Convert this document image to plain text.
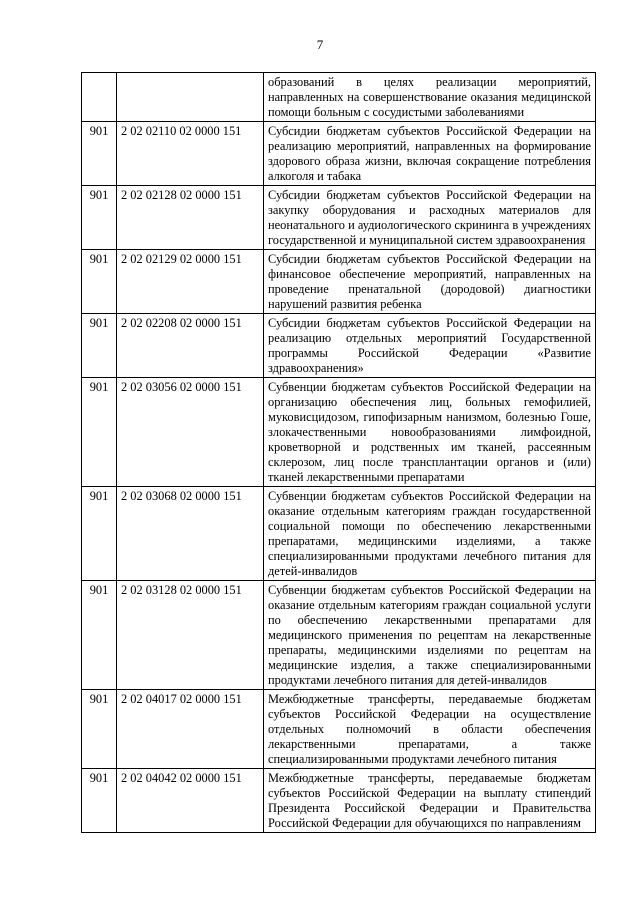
7
		образований в целях реализации мероприятий, направленных на совершенствование оказания медицинской помощи больным с сосудистыми заболеваниями
901	2 02 02110 02 0000 151	Субсидии бюджетам субъектов Российской Федерации на реализацию мероприятий, направленных на формирование здорового образа жизни, включая сокращение потребления алкоголя и табака
901	2 02 02128 02 0000 151	Субсидии бюджетам субъектов Российской Федерации на закупку оборудования и расходных материалов для неонатального и аудиологического скрининга в учреждениях государственной и муниципальной систем здравоохранения
901	2 02 02129 02 0000 151	Субсидии бюджетам субъектов Российской Федерации на финансовое обеспечение мероприятий, направленных на проведение пренатальной (дородовой) диагностики нарушений развития ребенка
901	2 02 02208 02 0000 151	Субсидии бюджетам субъектов Российской Федерации на реализацию отдельных мероприятий Государственной программы Российской Федерации «Развитие здравоохранения»
901	2 02 03056 02 0000 151	Субвенции бюджетам субъектов Российской Федерации на организацию обеспечения лиц, больных гемофилией, муковисцидозом, гипофизарным нанизмом, болезнью Гоше, злокачественными новообразованиями лимфоидной, кроветворной и родственных им тканей, рассеянным склерозом, лиц после трансплантации органов и (или) тканей лекарственными препаратами
901	2 02 03068 02 0000 151	Субвенции бюджетам субъектов Российской Федерации на оказание отдельным категориям граждан государственной социальной помощи по обеспечению лекарственными препаратами, медицинскими изделиями, а также специализированными продуктами лечебного питания для детей-инвалидов
901	2 02 03128 02 0000 151	Субвенции бюджетам субъектов Российской Федерации на оказание отдельным категориям граждан социальной услуги по обеспечению лекарственными препаратами для медицинского применения по рецептам на лекарственные препараты, медицинскими изделиями по рецептам на медицинские изделия, а также специализированными продуктами лечебного питания для детей-инвалидов
901	2 02 04017 02 0000 151	Межбюджетные трансферты, передаваемые бюджетам субъектов Российской Федерации на осуществление отдельных полномочий в области обеспечения лекарственными препаратами, а также специализированными продуктами лечебного питания
901	2 02 04042 02 0000 151	Межбюджетные трансферты, передаваемые бюджетам субъектов Российской Федерации на выплату стипендий Президента Российской Федерации и Правительства Российской Федерации для обучающихся по направлениям
